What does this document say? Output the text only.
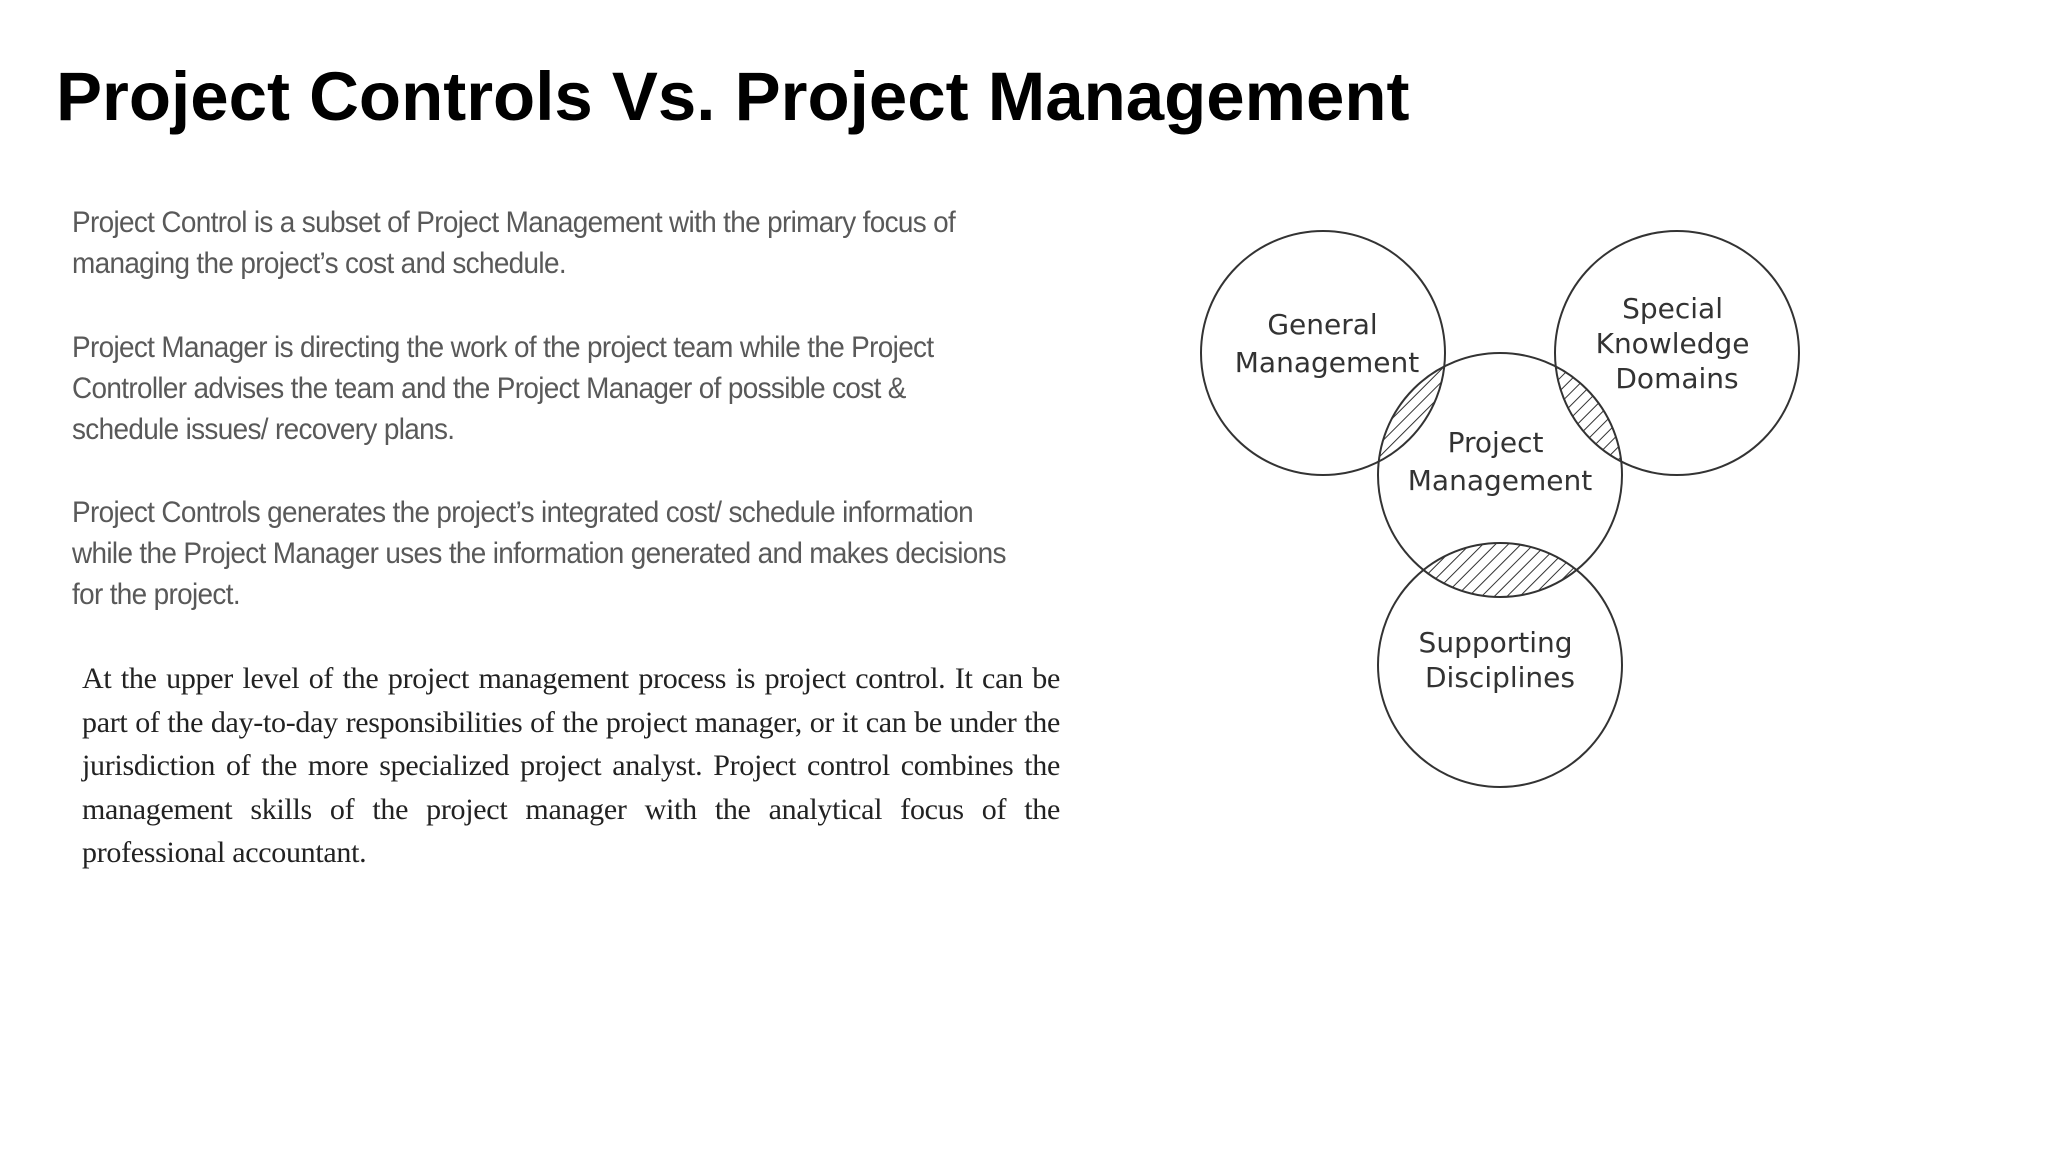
Project Controls Vs. Project Management

Project Control is a subset of Project Management with the primary focus of managing the project’s cost and schedule.

Project Manager is directing the work of the project team while the Project Controller advises the team and the Project Manager of possible cost & schedule issues/ recovery plans.

Project Controls generates the project’s integrated cost/ schedule information while the Project Manager uses the information generated and makes decisions for the project.

At the upper level of the project management process is project control. It can be part of the day-to-day responsibilities of the project manager, or it can be under the jurisdiction of the more specialized project analyst. Project control combines the management skills of the project manager with the analytical focus of the professional accountant.

General Management
Special Knowledge Domains
Project Management
Supporting Disciplines
